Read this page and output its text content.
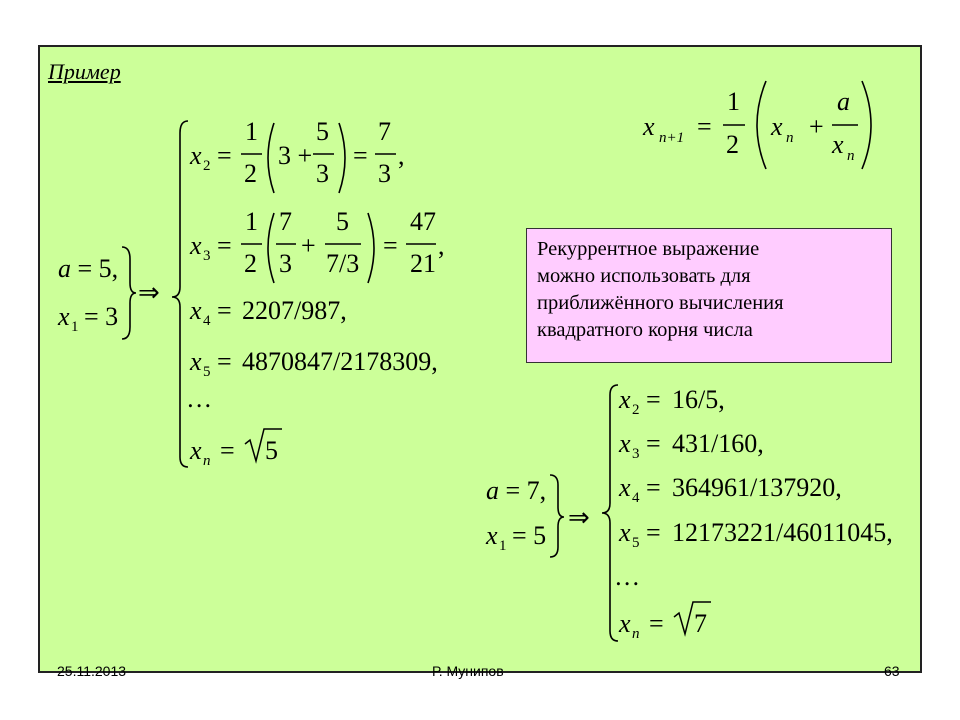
Пример
x n+1 =
1
2
x n +
a
x n
a = 5,
x 1 = 3
⇒
x 2 =
1
2
3 +
5
3
=
7
3
,
x 3 =
1
2
7
3
+
5
7/3
=
47
21
,
x 4 = 2207/987,
x 5 = 4870847/2178309,
…
x n = 5
a = 7,
x 1 = 5
⇒
x 2 = 16/5,
x 3 = 431/160,
x 4 = 364961/137920,
x 5 = 12173221/46011045,
…
x n = 7
Рекуррентное выражение
можно использовать для
приближённого вычисления
квадратного корня числа
25.11.2013	Р. Мунипов	63
